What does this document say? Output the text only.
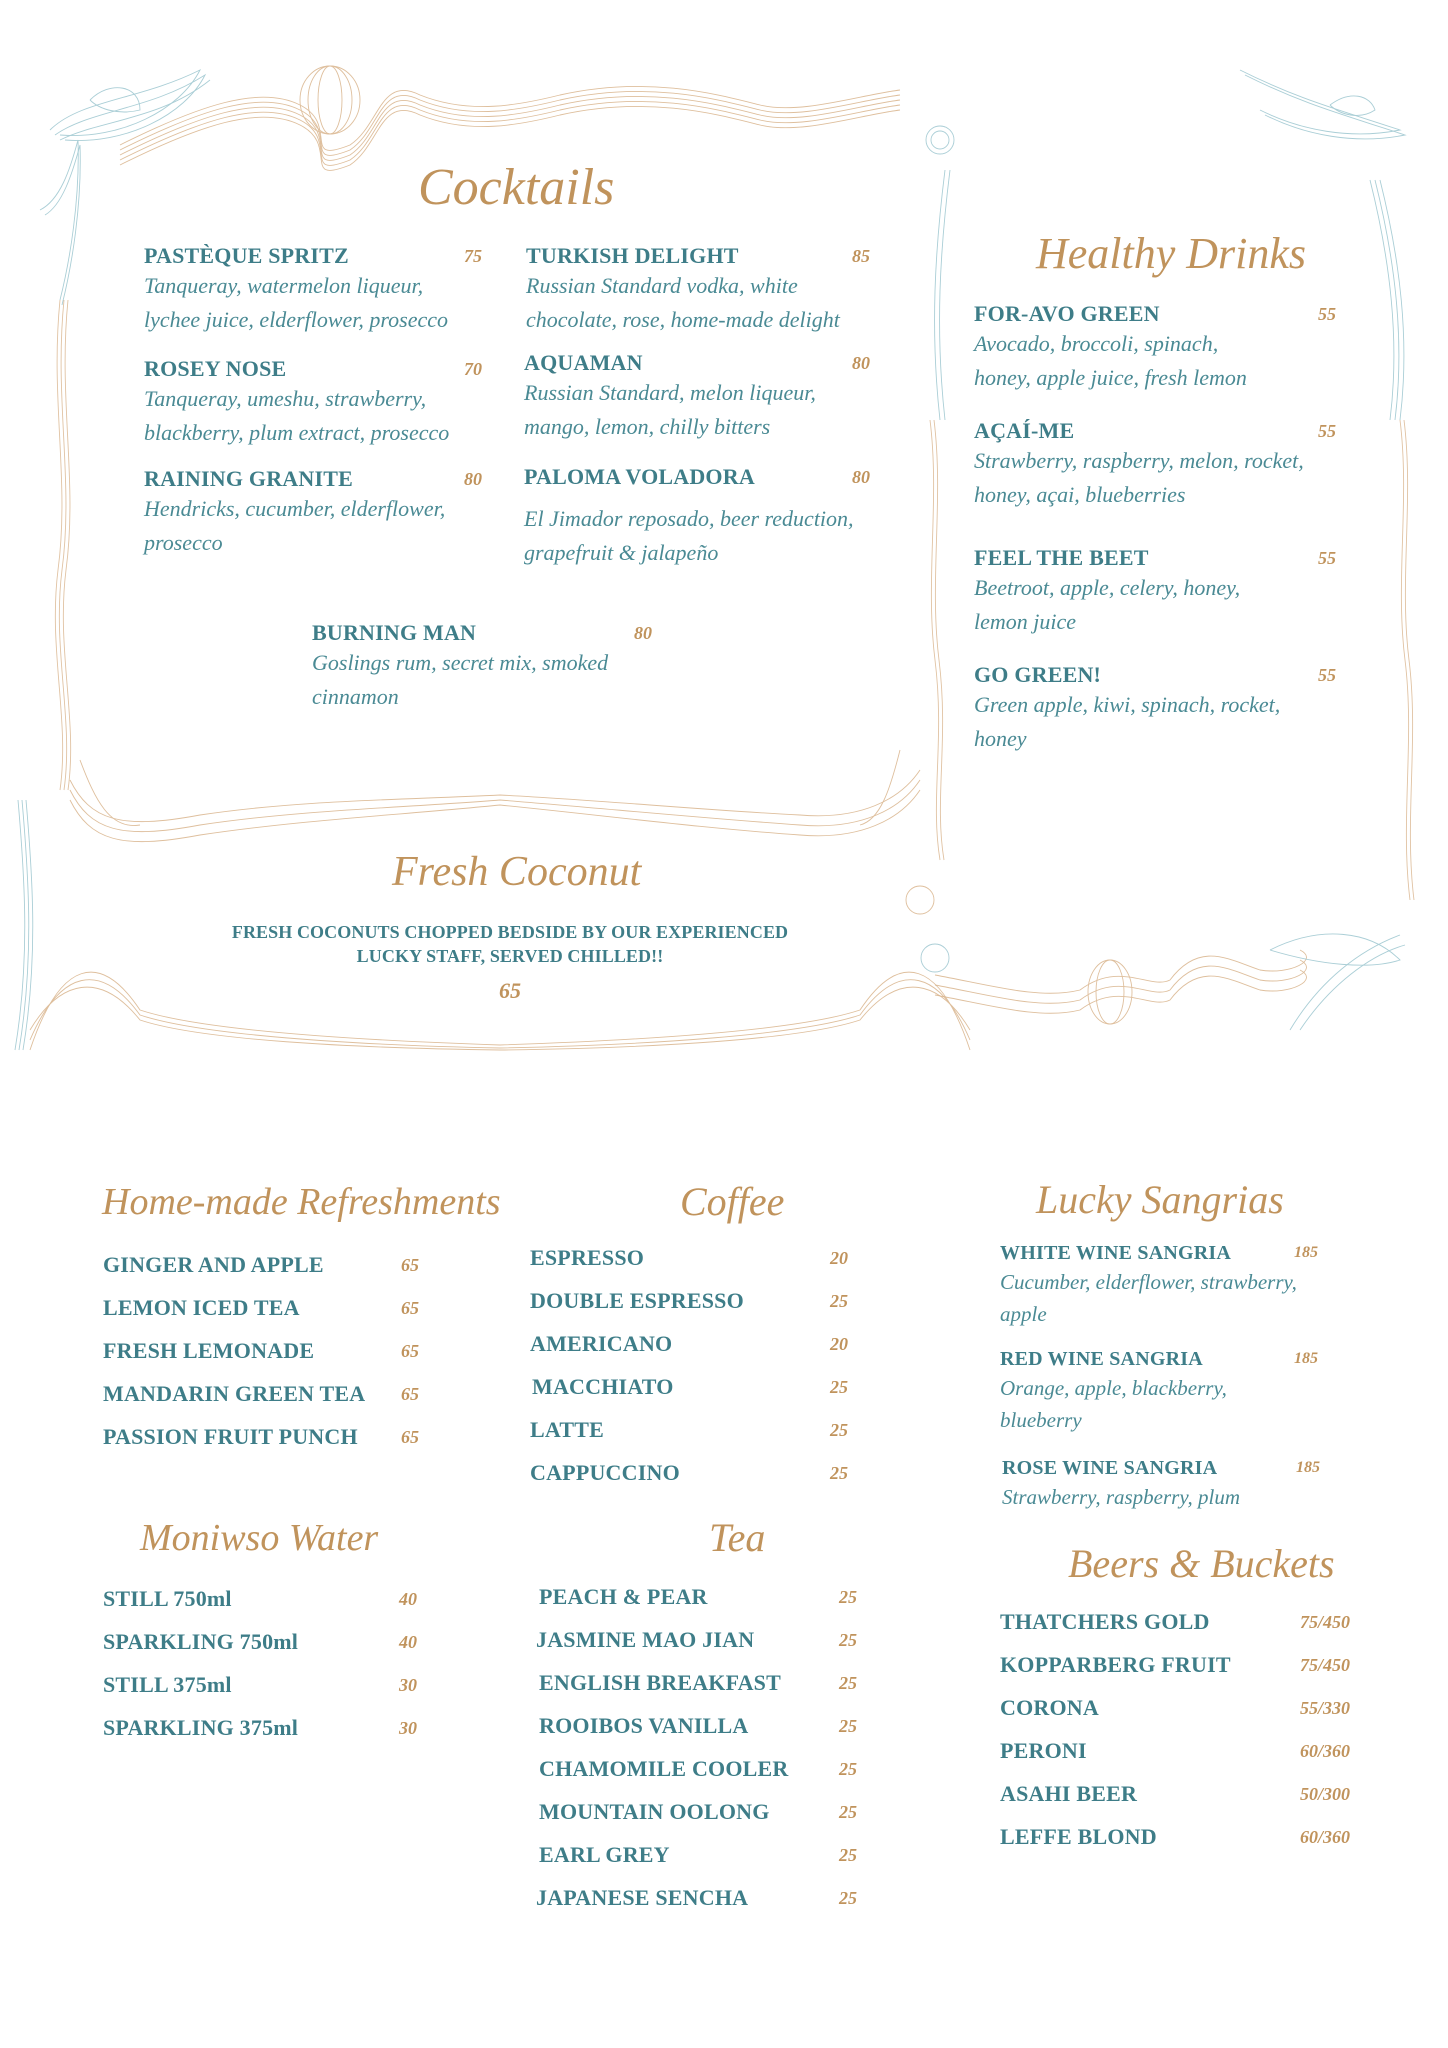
Cocktails
PASTÈQUE SPRITZ	75
Tanqueray, watermelon liqueur,
lychee juice, elderflower, prosecco
ROSEY NOSE	70
Tanqueray, umeshu, strawberry,
blackberry, plum extract, prosecco
RAINING GRANITE	80
Hendricks, cucumber, elderflower,
prosecco
TURKISH DELIGHT	85
Russian Standard vodka, white
chocolate, rose, home-made delight
AQUAMAN	80
Russian Standard, melon liqueur,
mango, lemon, chilly bitters
PALOMA VOLADORA	80
El Jimador reposado, beer reduction,
grapefruit & jalapeño
BURNING MAN	80
Goslings rum, secret mix, smoked
cinnamon
Healthy Drinks
FOR-AVO GREEN	55
Avocado, broccoli, spinach,
honey, apple juice, fresh lemon
AÇAÍ-ME	55
Strawberry, raspberry, melon, rocket,
honey, açai, blueberries
FEEL THE BEET	55
Beetroot, apple, celery, honey,
lemon juice
GO GREEN!	55
Green apple, kiwi, spinach, rocket,
honey
Fresh Coconut
FRESH COCONUTS CHOPPED BEDSIDE BY OUR EXPERIENCED
LUCKY STAFF, SERVED CHILLED!!
65
Home-made Refreshments
GINGER AND APPLE	65
LEMON ICED TEA	65
FRESH LEMONADE	65
MANDARIN GREEN TEA	65
PASSION FRUIT PUNCH	65
Moniwso Water
STILL 750ml	40
SPARKLING 750ml	40
STILL 375ml	30
SPARKLING 375ml	30
Coffee
ESPRESSO	20
DOUBLE ESPRESSO	25
AMERICANO	20
MACCHIATO	25
LATTE	25
CAPPUCCINO	25
Tea
PEACH & PEAR	25
JASMINE MAO JIAN	25
ENGLISH BREAKFAST	25
ROOIBOS VANILLA	25
CHAMOMILE COOLER	25
MOUNTAIN OOLONG	25
EARL GREY	25
JAPANESE SENCHA	25
Lucky Sangrias
WHITE WINE SANGRIA	185
Cucumber, elderflower, strawberry,
apple
RED WINE SANGRIA	185
Orange, apple, blackberry,
blueberry
ROSE WINE SANGRIA	185
Strawberry, raspberry, plum
Beers & Buckets
THATCHERS GOLD	75/450
KOPPARBERG FRUIT	75/450
CORONA	55/330
PERONI	60/360
ASAHI BEER	50/300
LEFFE BLOND	60/360
